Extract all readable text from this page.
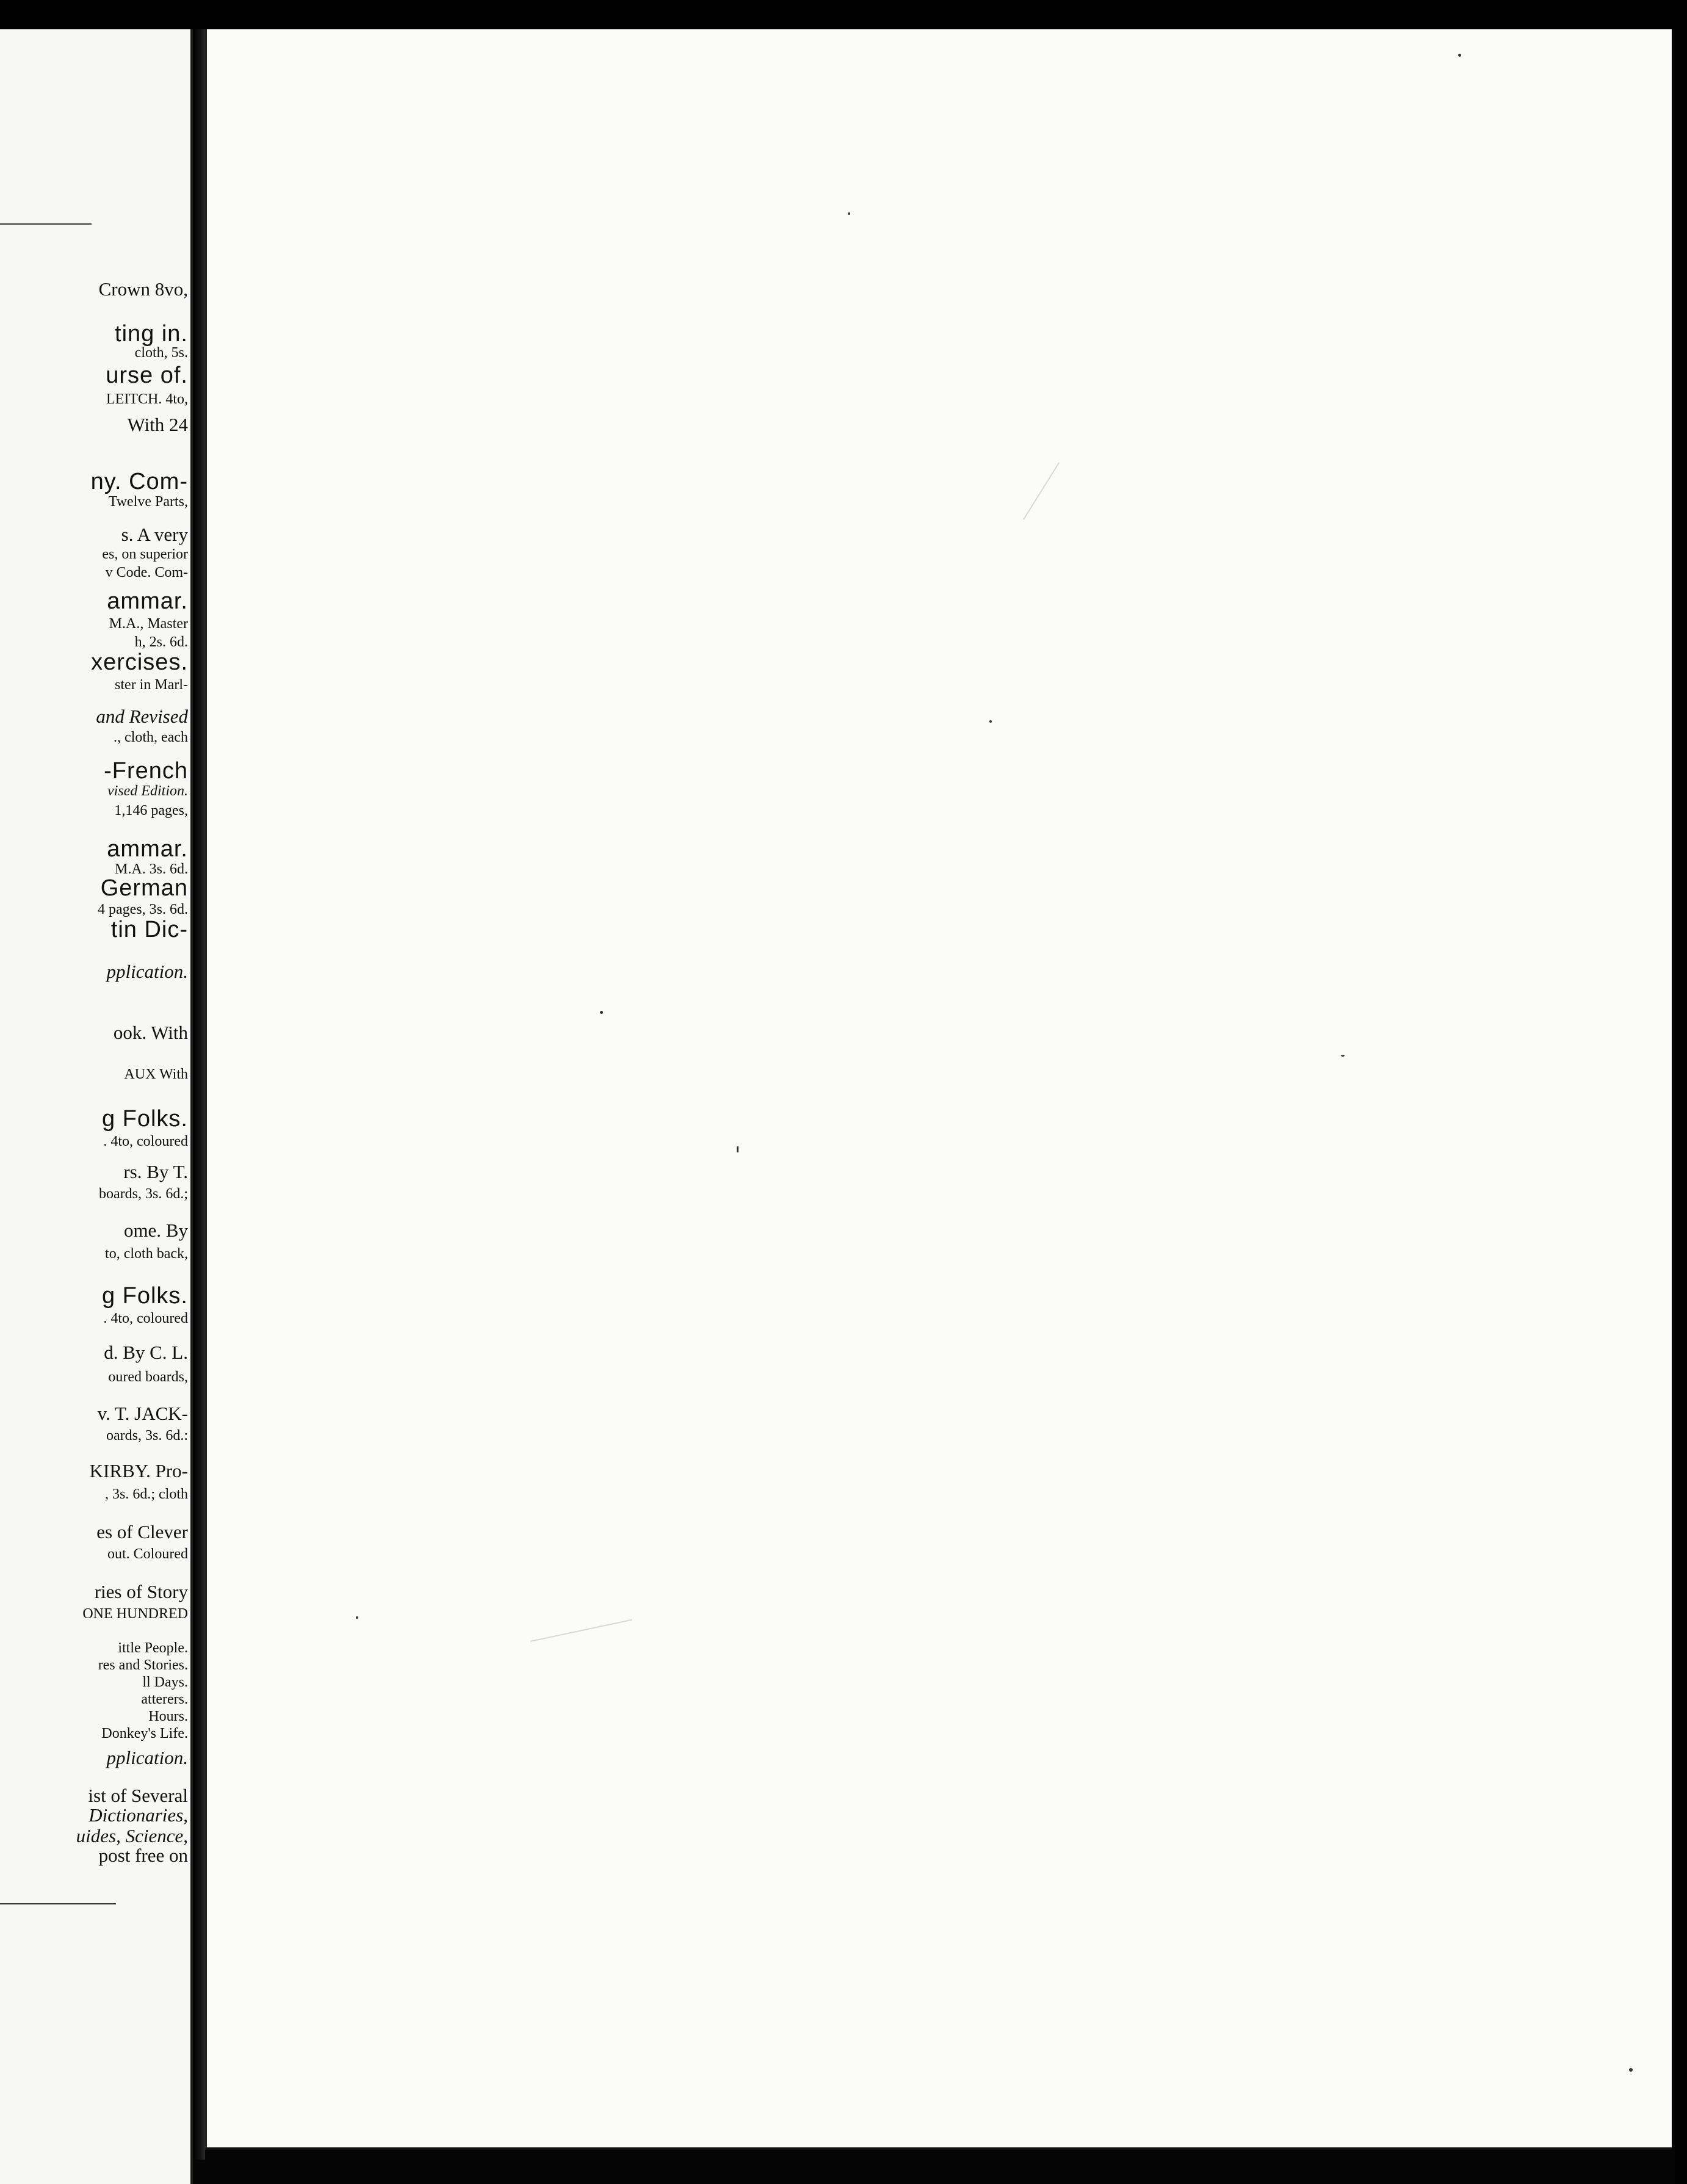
Crown 8vo,
ting in.
cloth, 5s.
urse of.
LEITCH. 4to,
With 24
ny. Com-
Twelve Parts,
s. A very
es, on superior
v Code. Com-
ammar.
M.A., Master
h, 2s. 6d.
xercises.
ster in Marl-
and Revised
., cloth, each
-French
vised Edition.
1,146 pages,
ammar.
M.A. 3s. 6d.
German
4 pages, 3s. 6d.
tin Dic-
pplication.
ook. With
AUX With
g Folks.
. 4to, coloured
rs. By T.
boards, 3s. 6d.;
ome. By
to, cloth back,
g Folks.
. 4to, coloured
d. By C. L.
oured boards,
v. T. JACK-
oards, 3s. 6d.:
KIRBY. Pro-
, 3s. 6d.; cloth
es of Clever
out. Coloured
ries of Story
ONE HUNDRED
ittle People.
res and Stories.
ll Days.
atterers.
Hours.
Donkey's Life.
pplication.
ist of Several
Dictionaries,
uides, Science,
post free on
